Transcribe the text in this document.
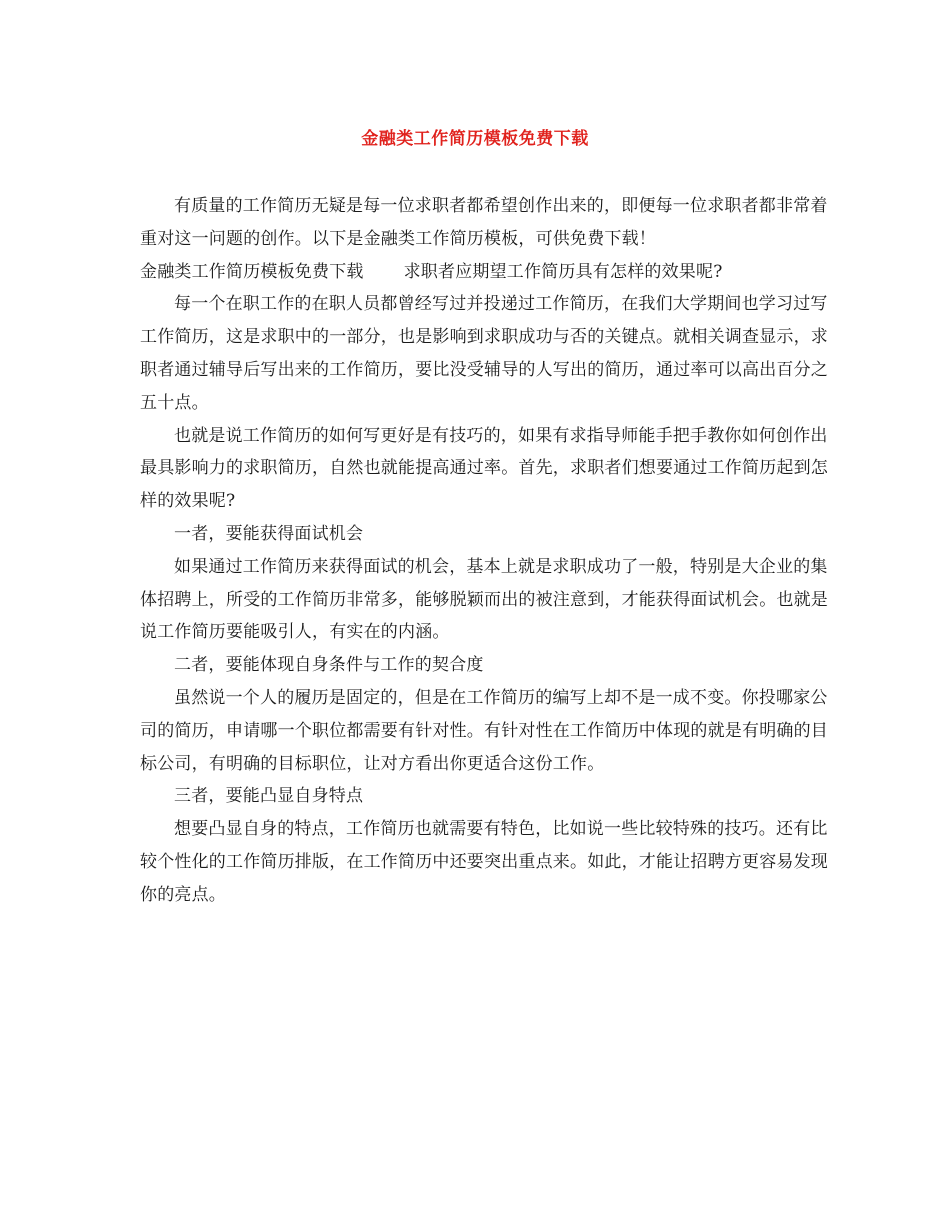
金融类工作简历模板免费下载

有质量的工作简历无疑是每一位求职者都希望创作出来的，即便每一位求职者都非常着重对这一问题的创作。以下是金融类工作简历模板，可供免费下载！

金融类工作简历模板免费下载 求职者应期望工作简历具有怎样的效果呢?

每一个在职工作的在职人员都曾经写过并投递过工作简历，在我们大学期间也学习过写工作简历，这是求职中的一部分，也是影响到求职成功与否的关键点。就相关调查显示，求职者通过辅导后写出来的工作简历，要比没受辅导的人写出的简历，通过率可以高出百分之五十点。

也就是说工作简历的如何写更好是有技巧的，如果有求指导师能手把手教你如何创作出最具影响力的求职简历，自然也就能提高通过率。首先，求职者们想要通过工作简历起到怎样的效果呢?

一者，要能获得面试机会

如果通过工作简历来获得面试的机会，基本上就是求职成功了一般，特别是大企业的集体招聘上，所受的工作简历非常多，能够脱颖而出的被注意到，才能获得面试机会。也就是说工作简历要能吸引人，有实在的内涵。

二者，要能体现自身条件与工作的契合度

虽然说一个人的履历是固定的，但是在工作简历的编写上却不是一成不变。你投哪家公司的简历，申请哪一个职位都需要有针对性。有针对性在工作简历中体现的就是有明确的目标公司，有明确的目标职位，让对方看出你更适合这份工作。

三者，要能凸显自身特点

想要凸显自身的特点，工作简历也就需要有特色，比如说一些比较特殊的技巧。还有比较个性化的工作简历排版，在工作简历中还要突出重点来。如此，才能让招聘方更容易发现你的亮点。
